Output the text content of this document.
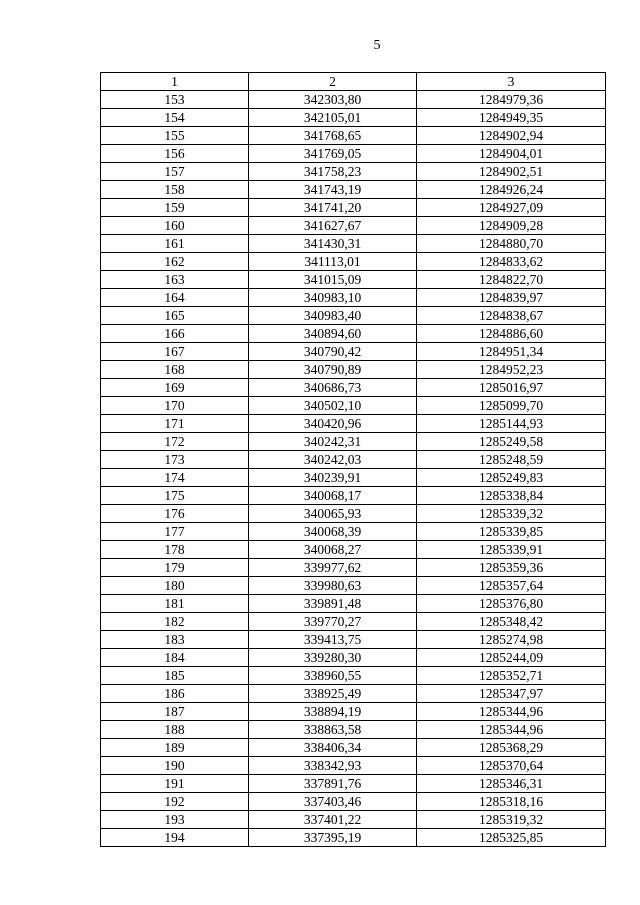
5
1	2	3
153	342303,80	1284979,36
154	342105,01	1284949,35
155	341768,65	1284902,94
156	341769,05	1284904,01
157	341758,23	1284902,51
158	341743,19	1284926,24
159	341741,20	1284927,09
160	341627,67	1284909,28
161	341430,31	1284880,70
162	341113,01	1284833,62
163	341015,09	1284822,70
164	340983,10	1284839,97
165	340983,40	1284838,67
166	340894,60	1284886,60
167	340790,42	1284951,34
168	340790,89	1284952,23
169	340686,73	1285016,97
170	340502,10	1285099,70
171	340420,96	1285144,93
172	340242,31	1285249,58
173	340242,03	1285248,59
174	340239,91	1285249,83
175	340068,17	1285338,84
176	340065,93	1285339,32
177	340068,39	1285339,85
178	340068,27	1285339,91
179	339977,62	1285359,36
180	339980,63	1285357,64
181	339891,48	1285376,80
182	339770,27	1285348,42
183	339413,75	1285274,98
184	339280,30	1285244,09
185	338960,55	1285352,71
186	338925,49	1285347,97
187	338894,19	1285344,96
188	338863,58	1285344,96
189	338406,34	1285368,29
190	338342,93	1285370,64
191	337891,76	1285346,31
192	337403,46	1285318,16
193	337401,22	1285319,32
194	337395,19	1285325,85
